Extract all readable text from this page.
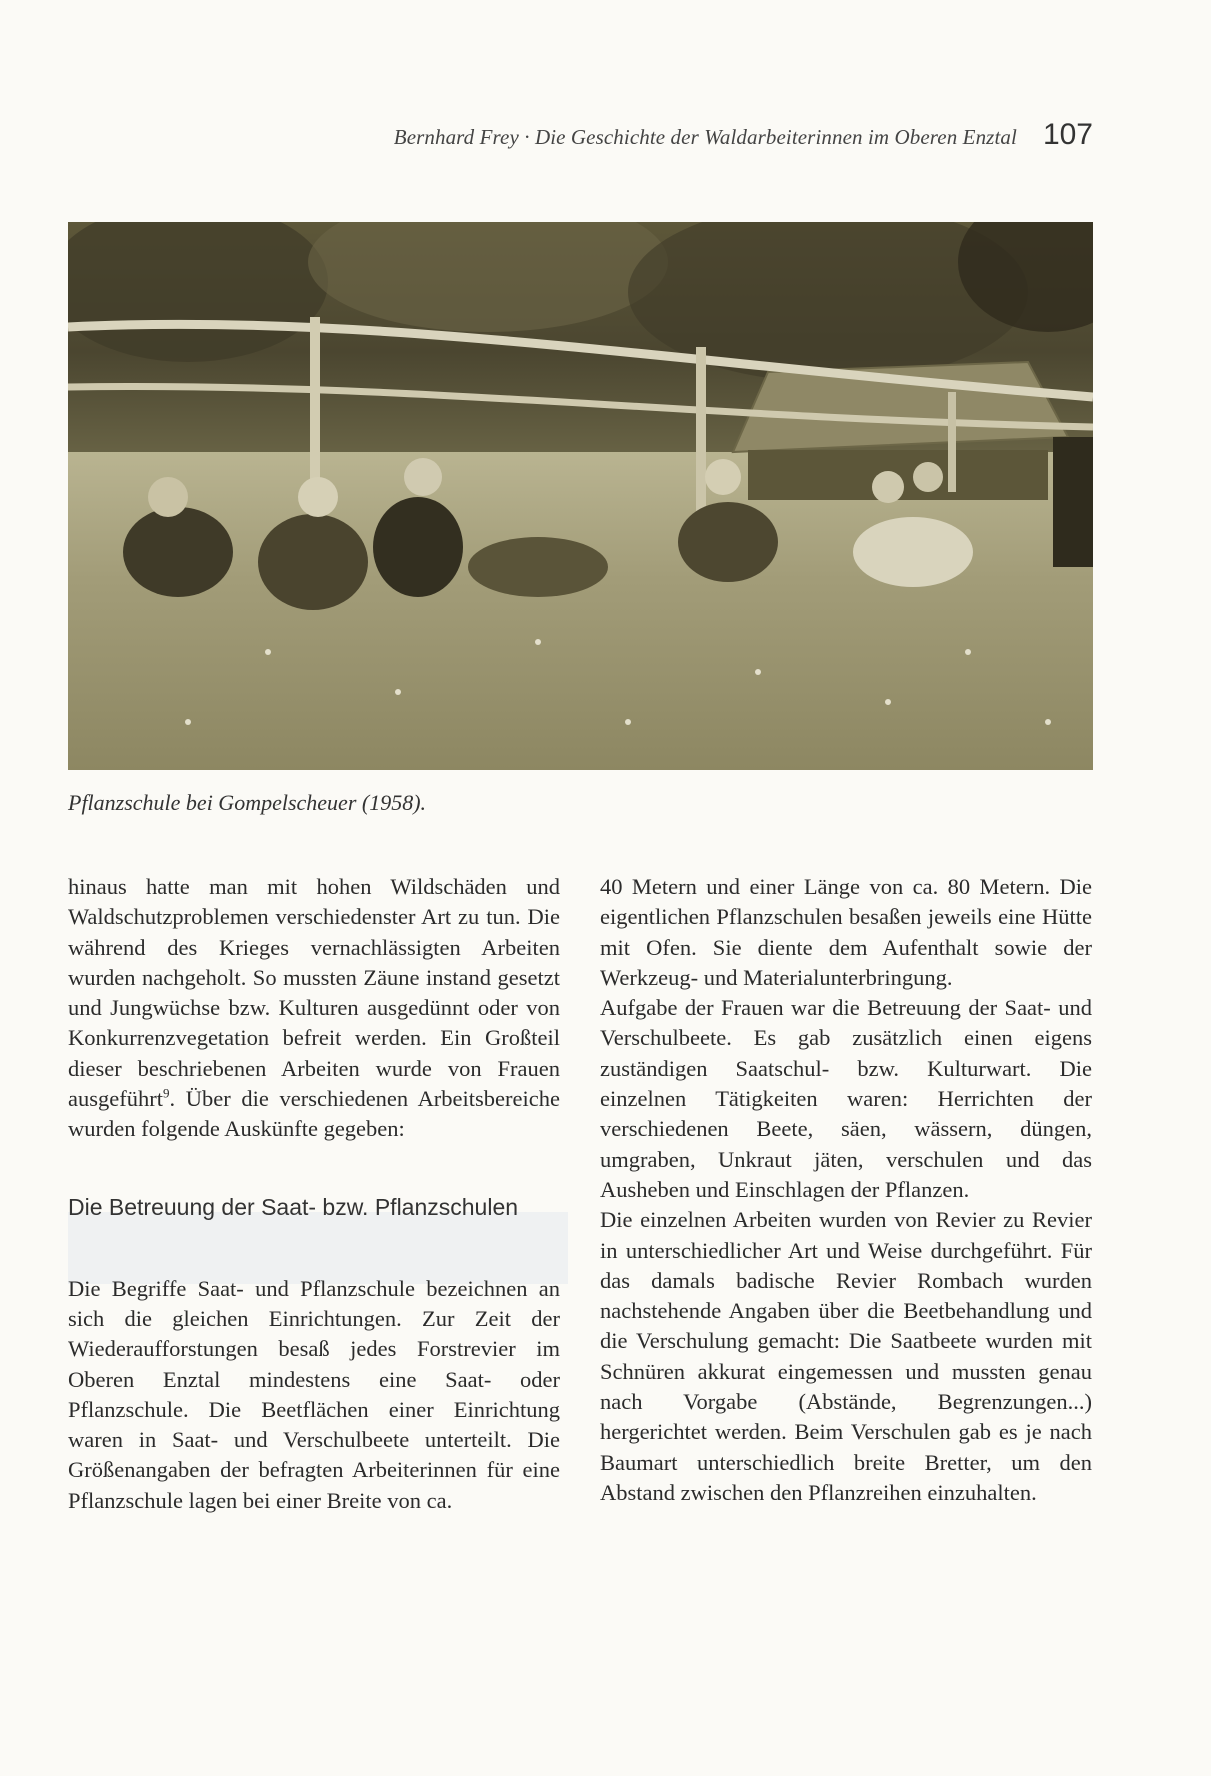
Bernhard Frey · Die Geschichte der Waldarbeiterinnen im Oberen Enztal 107
Pflanzschule bei Gompelscheuer (1958).

hinaus hatte man mit hohen Wildschäden und Waldschutzproblemen verschiedenster Art zu tun. Die während des Krieges vernachlässigten Arbeiten wurden nachgeholt. So mussten Zäune instand gesetzt und Jungwüchse bzw. Kulturen ausgedünnt oder von Konkurrenzvegetation befreit werden. Ein Großteil dieser beschriebenen Arbeiten wurde von Frauen ausgeführt$^9$. Über die verschiedenen Arbeitsbereiche wurden folgende Auskünfte gegeben:

Die Betreuung der Saat- bzw. Pflanzschulen

Die Begriffe Saat- und Pflanzschule bezeichnen an sich die gleichen Einrichtungen. Zur Zeit der Wiederaufforstungen besaß jedes Forstrevier im Oberen Enztal mindestens eine Saat- oder Pflanzschule. Die Beetflächen einer Einrichtung waren in Saat- und Verschulbeete unterteilt. Die Größenangaben der befragten Arbeiterinnen für eine Pflanzschule lagen bei einer Breite von ca.

40 Metern und einer Länge von ca. 80 Metern. Die eigentlichen Pflanzschulen besaßen jeweils eine Hütte mit Ofen. Sie diente dem Aufenthalt sowie der Werkzeug- und Materialunterbringung.

Aufgabe der Frauen war die Betreuung der Saat- und Verschulbeete. Es gab zusätzlich einen eigens zuständigen Saatschul- bzw. Kulturwart. Die einzelnen Tätigkeiten waren: Herrichten der verschiedenen Beete, säen, wässern, düngen, umgraben, Unkraut jäten, verschulen und das Ausheben und Einschlagen der Pflanzen.

Die einzelnen Arbeiten wurden von Revier zu Revier in unterschiedlicher Art und Weise durchgeführt. Für das damals badische Revier Rombach wurden nachstehende Angaben über die Beetbehandlung und die Verschulung gemacht: Die Saatbeete wurden mit Schnüren akkurat eingemessen und mussten genau nach Vorgabe (Abstände, Begrenzungen...) hergerichtet werden. Beim Verschulen gab es je nach Baumart unterschiedlich breite Bretter, um den Abstand zwischen den Pflanzreihen einzuhalten.
